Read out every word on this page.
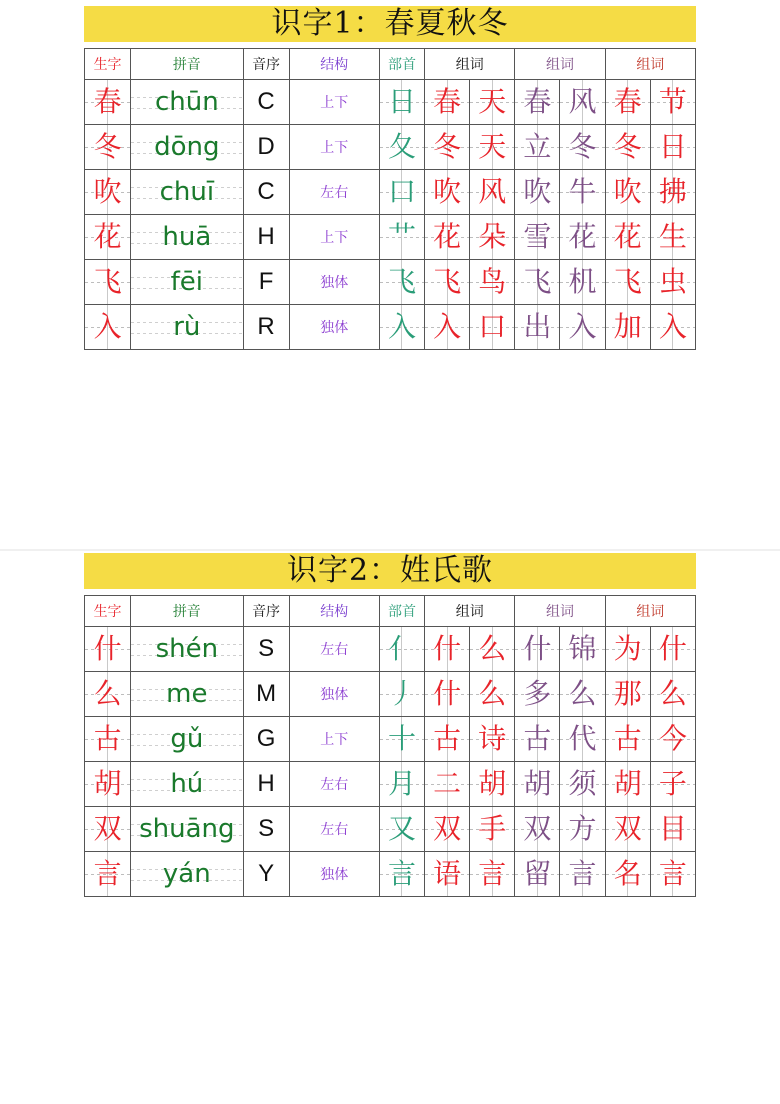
识字1：春夏秋冬
生字	拼音	音序	结构	部首	组词		组词		组词	

春	chūn	C	上下	日	春	天	春	风	春	节

冬	dōng	D	上下	夂	冬	天	立	冬	冬	日

吹	chuī	C	左右	口	吹	风	吹	牛	吹	拂

花	huā	H	上下	艹	花	朵	雪	花	花	生

飞	fēi	F	独体	飞	飞	鸟	飞	机	飞	虫

入	rù	R	独体	入	入	口	出	入	加	入
识字2：姓氏歌
生字	拼音	音序	结构	部首	组词		组词		组词	

什	shén	S	左右	亻	什	么	什	锦	为	什

么	me	M	独体	丿	什	么	多	么	那	么

古	gǔ	G	上下	十	古	诗	古	代	古	今

胡	hú	H	左右	月	二	胡	胡	须	胡	子

双	shuāng	S	左右	又	双	手	双	方	双	目

言	yán	Y	独体	言	语	言	留	言	名	言
